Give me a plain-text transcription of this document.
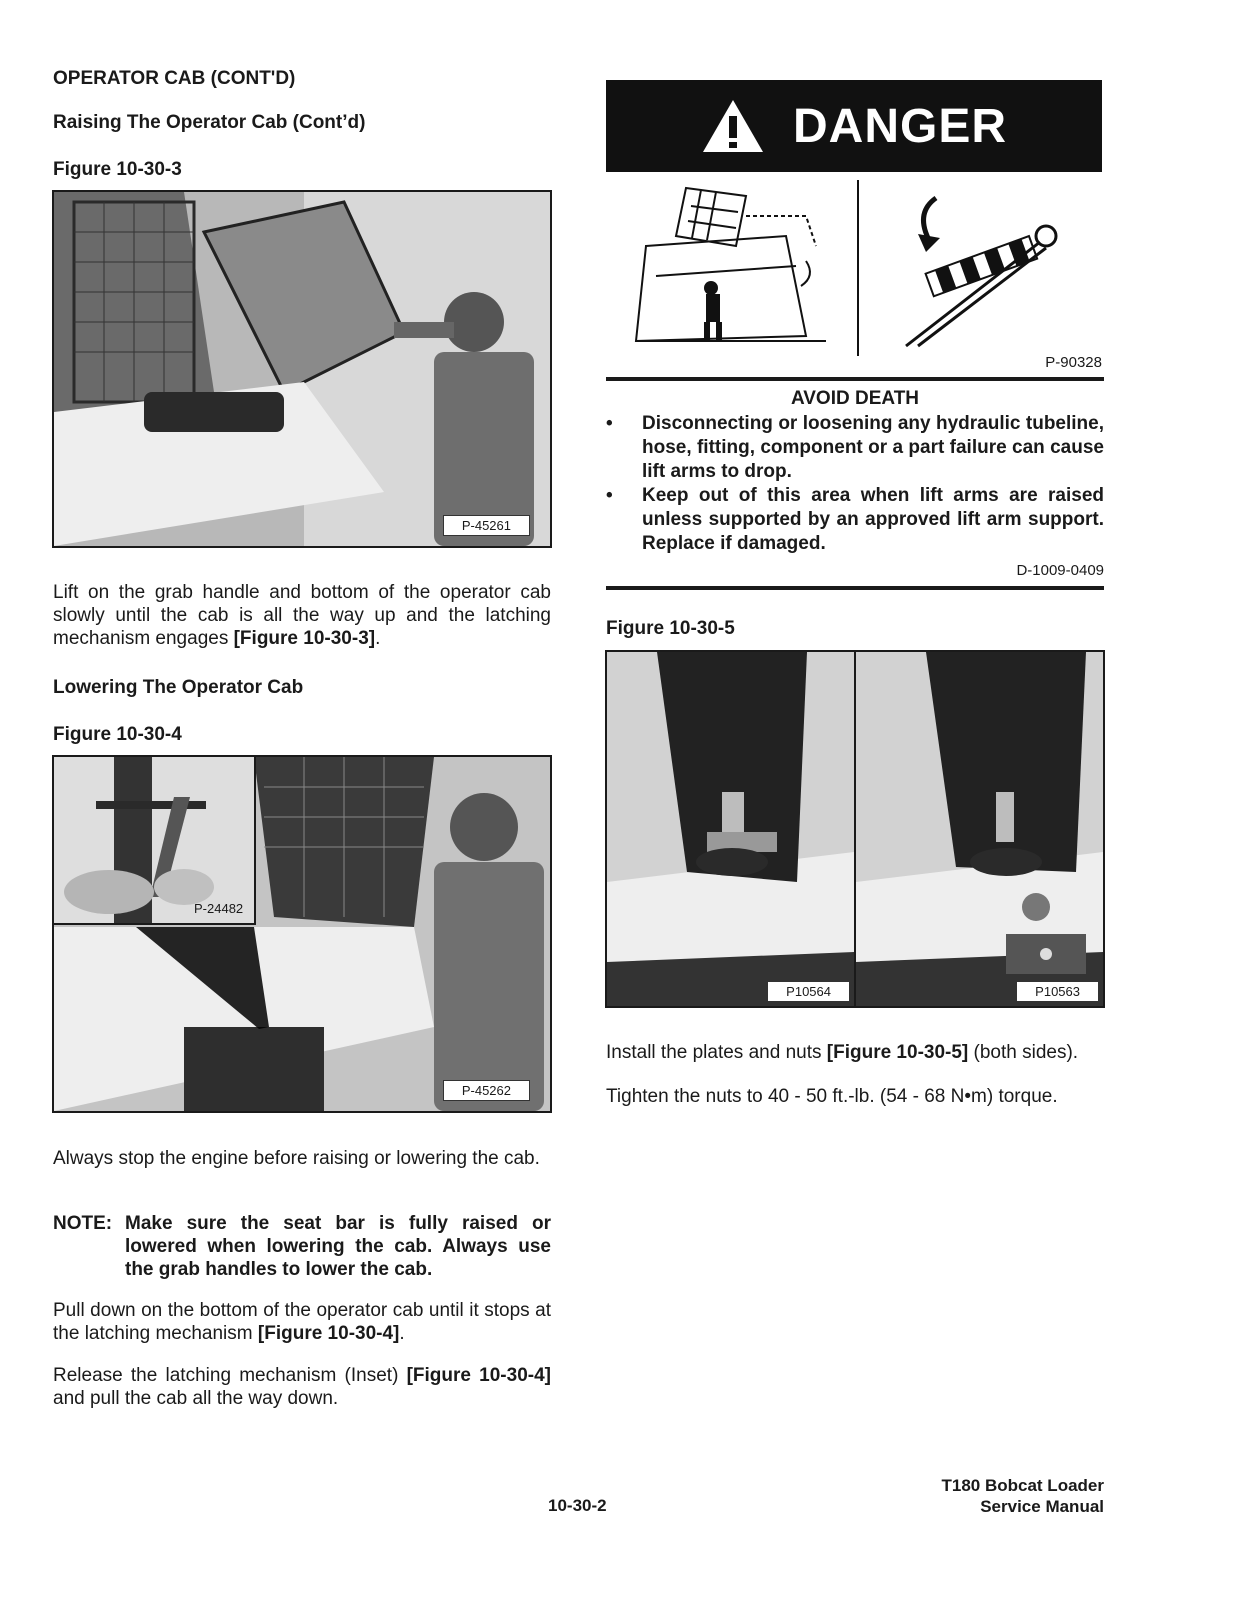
OPERATOR CAB (CONT'D)
Raising The Operator Cab (Cont’d)
Figure 10-30-3
P-45261
Lift on the grab handle and bottom of the operator cab slowly until the cab is all the way up and the latching mechanism engages [Figure 10-30-3].
Lowering The Operator Cab
Figure 10-30-4
P-24482
P-45262
Always stop the engine before raising or lowering the cab.
NOTE: Make sure the seat bar is fully raised or lowered when lowering the cab. Always use the grab handles to lower the cab.
Pull down on the bottom of the operator cab until it stops at the latching mechanism [Figure 10-30-4].
Release the latching mechanism (Inset) [Figure 10-30-4] and pull the cab all the way down.
DANGER
P-90328
AVOID DEATH
•	Disconnecting or loosening any hydraulic tubeline, hose, fitting, component or a part failure can cause lift arms to drop.
•	Keep out of this area when lift arms are raised unless supported by an approved lift arm support. Replace if damaged.
D-1009-0409
Figure 10-30-5
P10564	P10563
Install the plates and nuts [Figure 10-30-5] (both sides).
Tighten the nuts to 40 - 50 ft.-lb. (54 - 68 N•m) torque.
10-30-2
T180 Bobcat Loader
Service Manual
